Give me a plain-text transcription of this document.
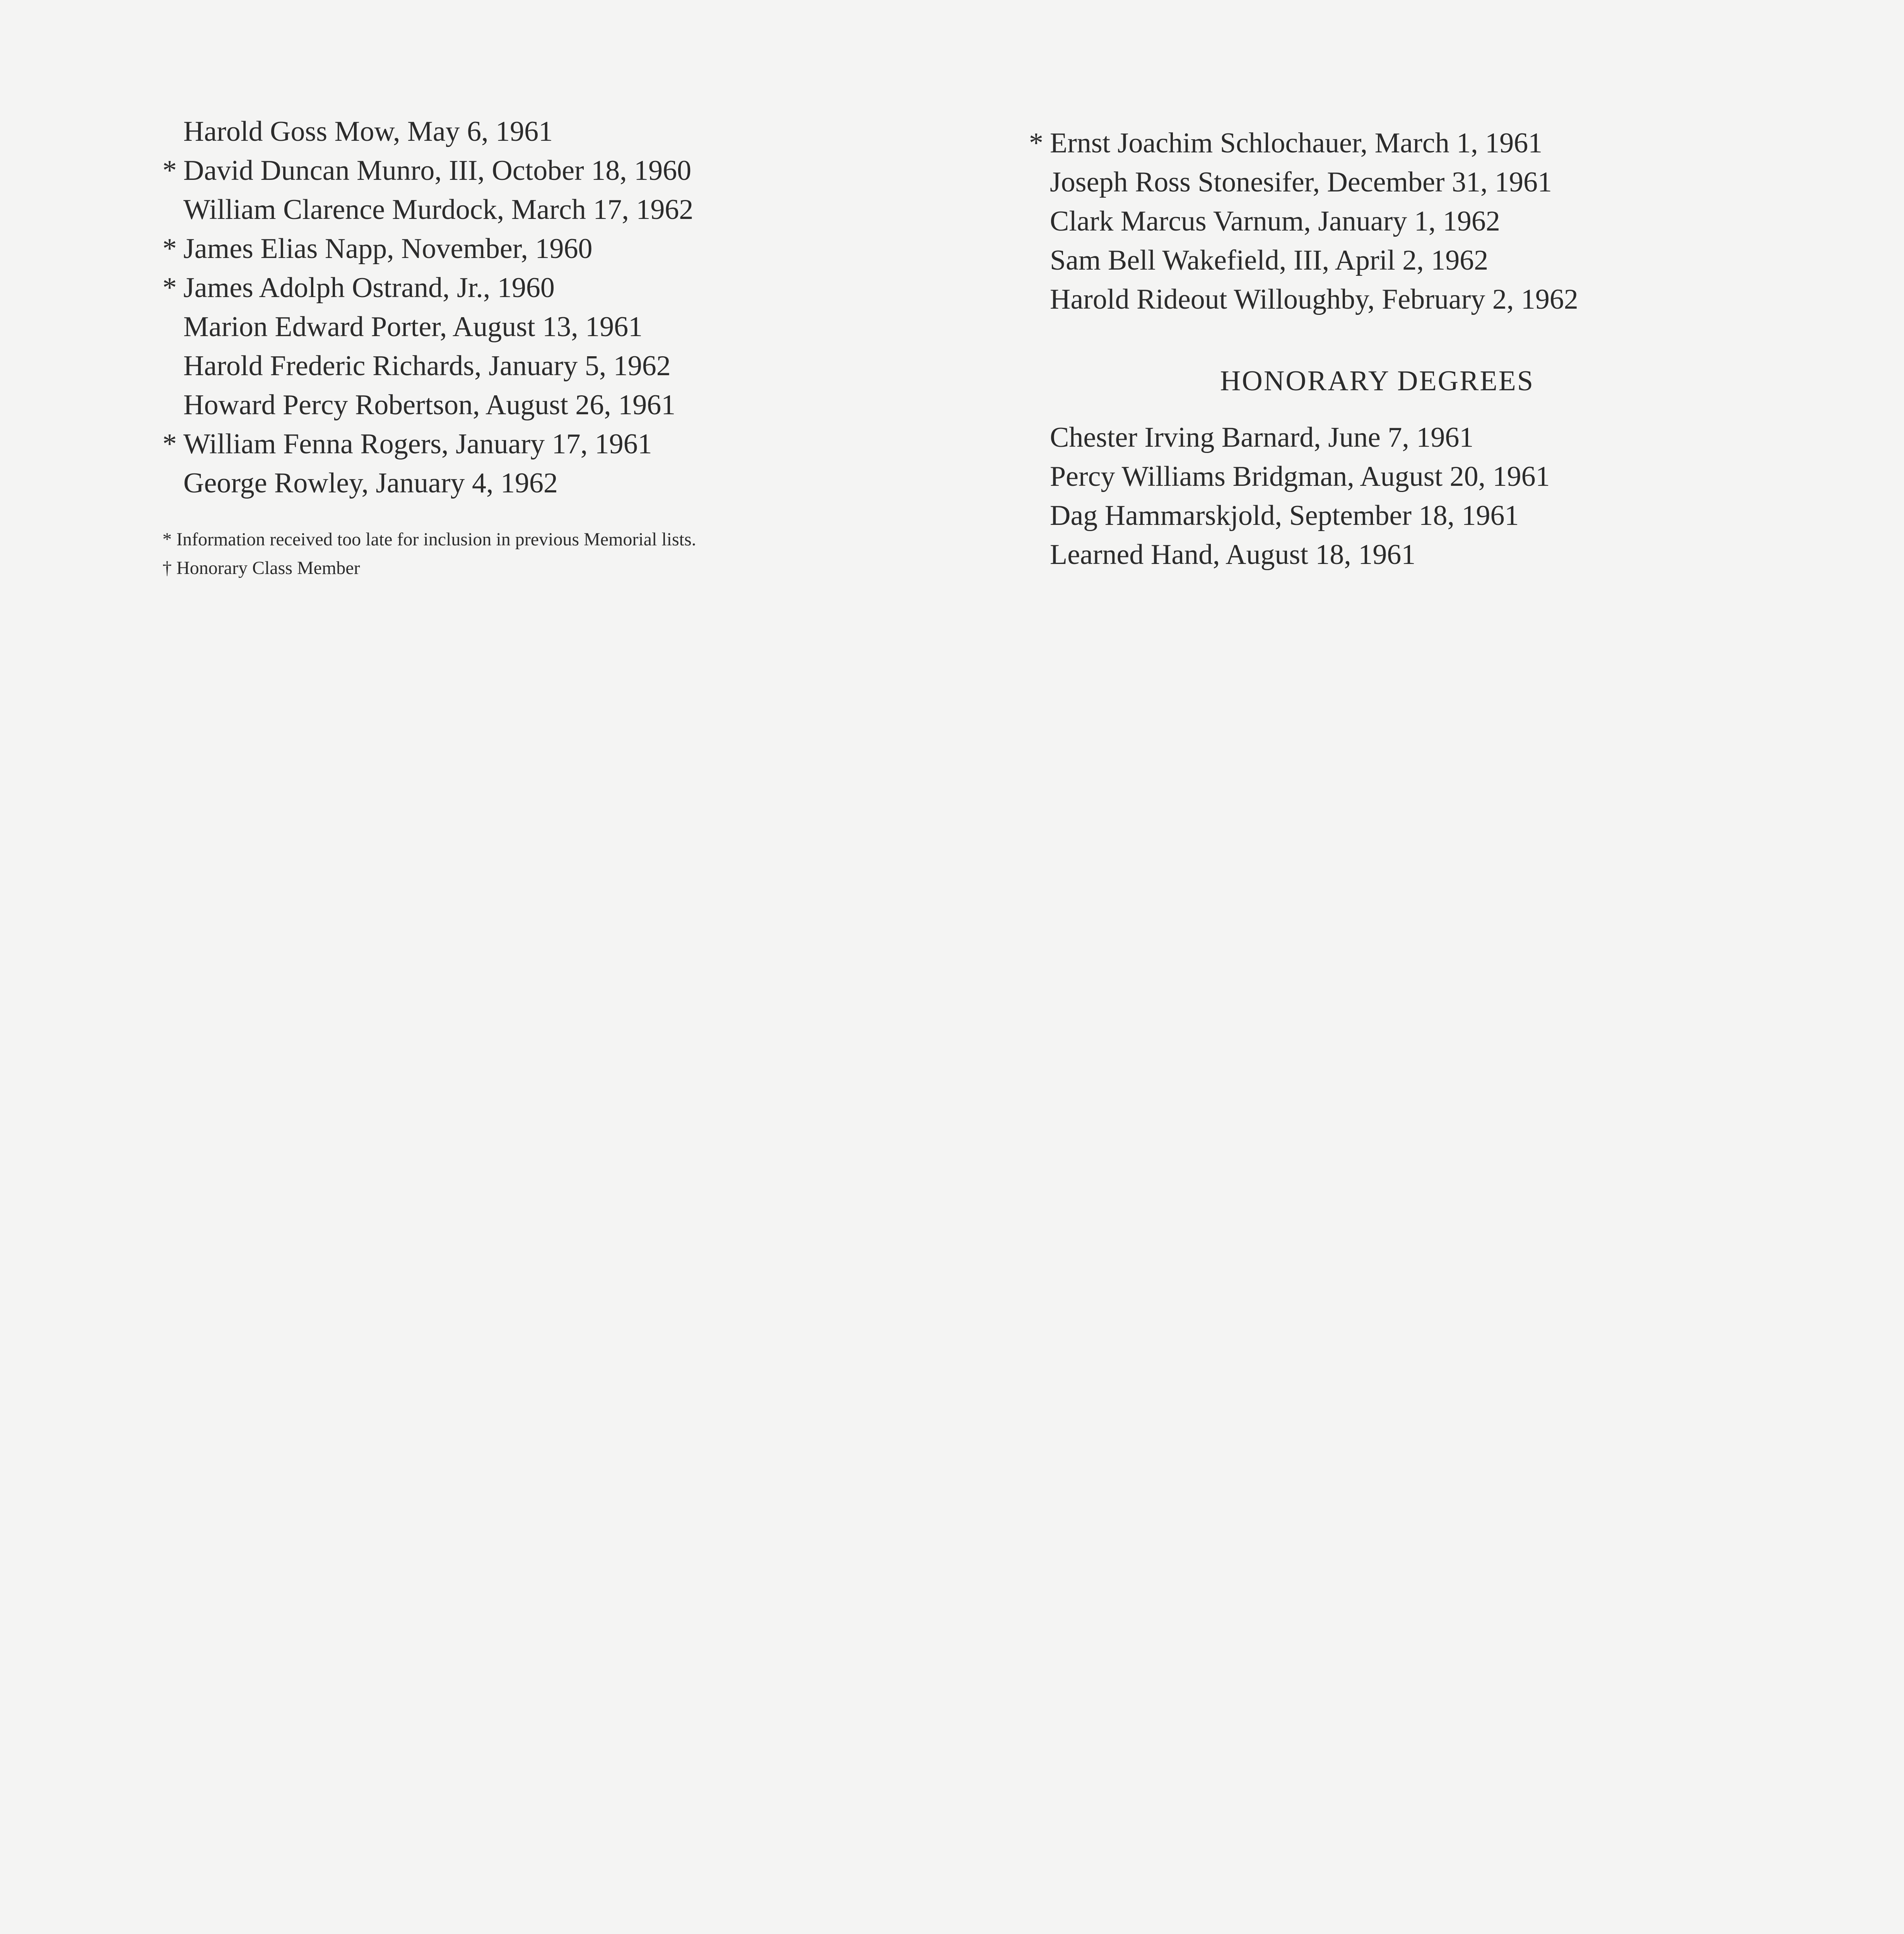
Harold Goss Mow, May 6, 1961
* David Duncan Munro, III, October 18, 1960
William Clarence Murdock, March 17, 1962
* James Elias Napp, November, 1960
* James Adolph Ostrand, Jr., 1960
Marion Edward Porter, August 13, 1961
Harold Frederic Richards, January 5, 1962
Howard Percy Robertson, August 26, 1961
* William Fenna Rogers, January 17, 1961
George Rowley, January 4, 1962
* Information received too late for inclusion in previous Memorial lists.
† Honorary Class Member
* Ernst Joachim Schlochauer, March 1, 1961
Joseph Ross Stonesifer, December 31, 1961
Clark Marcus Varnum, January 1, 1962
Sam Bell Wakefield, III, April 2, 1962
Harold Rideout Willoughby, February 2, 1962
HONORARY DEGREES
Chester Irving Barnard, June 7, 1961
Percy Williams Bridgman, August 20, 1961
Dag Hammarskjold, September 18, 1961
Learned Hand, August 18, 1961
